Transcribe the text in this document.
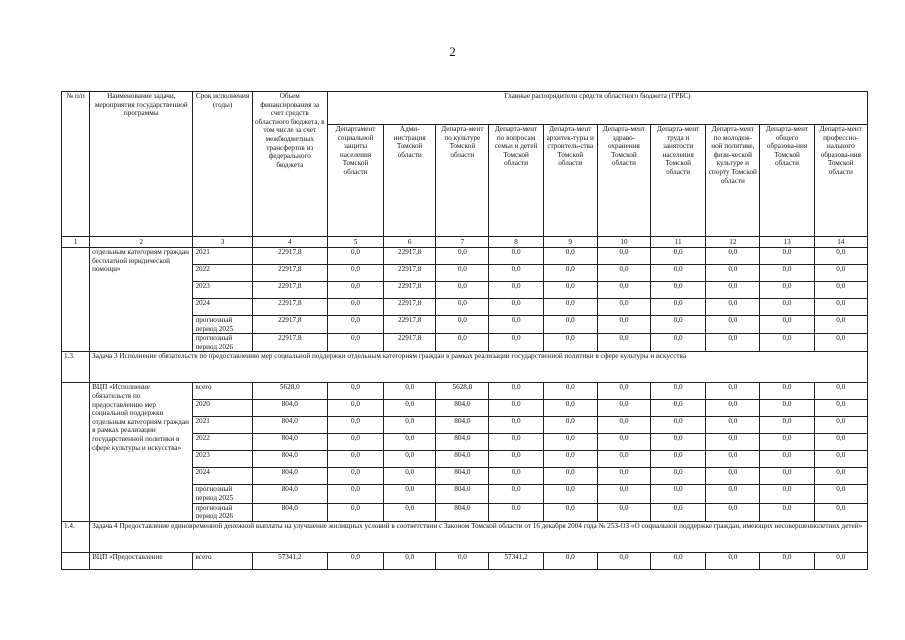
2
№ п/п	Наименование задачи, мероприятия государственной программы	Срок исполнения (годы)	Объем финансирования за счет средств областного бюджета, в том числе за счет межбюджетных трансфертов из федерального бюджета	Главные распорядители средств областного бюджета (ГРБС)									
				Департамент социальной защиты населения Томской области	Адми-нистрация Томской области	Департа-мент по культуре Томской области	Департа-мент по вопросам семьи и детей Томской области	Департа-мент архитек-туры и строитель-ства Томской области	Департа-мент здраво-охранения Томской области	Департа-мент труда и занятости населения Томской области	Департа-мент по молодеж-ной политике, физи-ческой культуре и спорту Томской области	Департа-мент общего образова-ния Томской области	Департа-мент профессио-нального образова-ния Томской области
1	2	3	4	5	6	7	8	9	10	11	12	13	14
	отдельным категориям граждан бесплатной юридической помощи»	2021	22917,8	0,0	22917,8	0,0	0,0	0,0	0,0	0,0	0,0	0,0	0,0
		2022	22917,8	0,0	22917,8	0,0	0,0	0,0	0,0	0,0	0,0	0,0	0,0
		2023	22917,8	0,0	22917,8	0,0	0,0	0,0	0,0	0,0	0,0	0,0	0,0
		2024	22917,8	0,0	22917,8	0,0	0,0	0,0	0,0	0,0	0,0	0,0	0,0
		прогнозный период 2025	22917,8	0,0	22917,8	0,0	0,0	0,0	0,0	0,0	0,0	0,0	0,0
		прогнозный период 2026	22917,8	0,0	22917,8	0,0	0,0	0,0	0,0	0,0	0,0	0,0	0,0
1.3.	Задача 3 Исполнение обязательств по предоставлению мер социальной поддержки отдельным категориям граждан в рамках реализации государственной политики в сфере культуры и искусства												
	ВЦП «Исполнение обязательств по предоставлению мер социальной поддержки отдельным категориям граждан в рамках реализации государственной политики в сфере культуры и искусства»	всего	5628,0	0,0	0,0	5628,0	0,0	0,0	0,0	0,0	0,0	0,0	0,0
		2020	804,0	0,0	0,0	804,0	0,0	0,0	0,0	0,0	0,0	0,0	0,0
		2021	804,0	0,0	0,0	804,0	0,0	0,0	0,0	0,0	0,0	0,0	0,0
		2022	804,0	0,0	0,0	804,0	0,0	0,0	0,0	0,0	0,0	0,0	0,0
		2023	804,0	0,0	0,0	804,0	0,0	0,0	0,0	0,0	0,0	0,0	0,0
		2024	804,0	0,0	0,0	804,0	0,0	0,0	0,0	0,0	0,0	0,0	0,0
		прогнозный период 2025	804,0	0,0	0,0	804,0	0,0	0,0	0,0	0,0	0,0	0,0	0,0
		прогнозный период 2026	804,0	0,0	0,0	804,0	0,0	0,0	0,0	0,0	0,0	0,0	0,0
1.4.	Задача 4 Предоставление единовременной денежной выплаты на улучшение жилищных условий в соответствии с Законом Томской области от 16 декабря 2004 года № 253-ОЗ «О социальной поддержке граждан, имеющих несовершеннолетних детей»												
	ВЦП «Предоставление	всего	57341,2	0,0	0,0	0,0	57341,2	0,0	0,0	0,0	0,0	0,0	0,0
